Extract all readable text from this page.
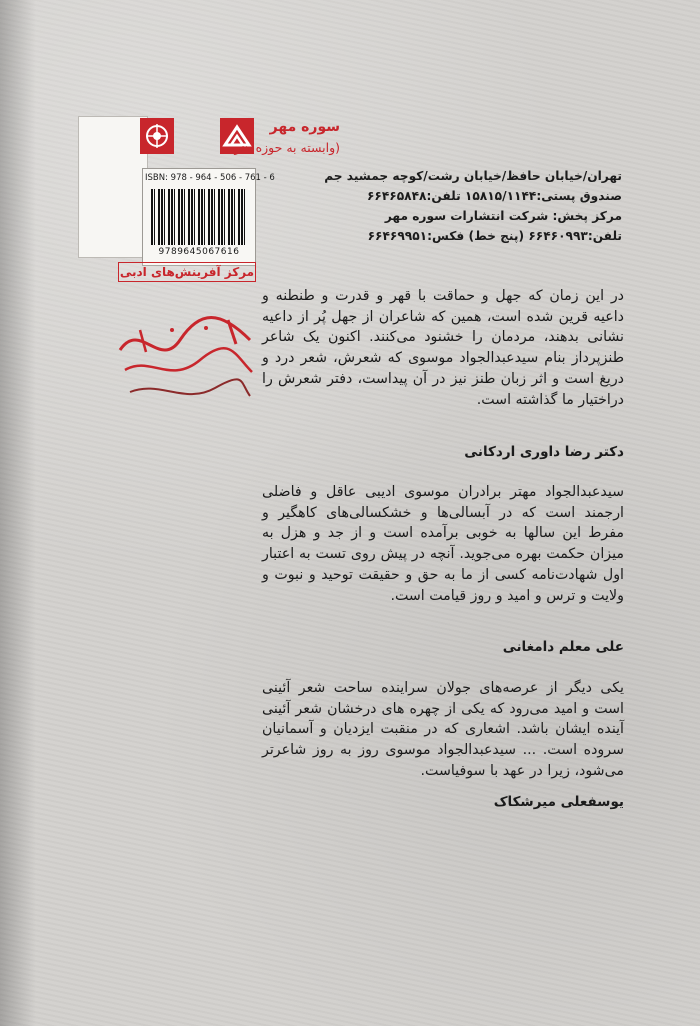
سوره مهر
(وابسته به حوزه هنری)
ISBN: 978 - 964 - 506 - 761 - 6
9789645067616
تهران/خیابان حافظ/خیابان رشت/کوچه جمشید جم
صندوق پستی:۱۵۸۱۵/۱۱۴۴ تلفن:۶۶۴۶۵۸۴۸
مرکز پخش: شرکت انتشارات سوره مهر
تلفن:۶۶۴۶۰۹۹۳ (پنج خط) فکس:۶۶۴۶۹۹۵۱
مرکز آفرینش‌های ادبی
در این زمان که جهل و حماقت با قهر و قدرت و طنطنه و داعیه قرین شده است، همین که شاعران از جهل پُر از داعیه نشانی بدهند، مردمان را خشنود می‌کنند. اکنون یک شاعر طنزپرداز بنام سیدعبدالجواد موسوی که شعرش، شعر درد و دریغ است و اثر زبان طنز نیز در آن پیداست، دفتر شعرش را دراختیار ما گذاشته است.
دکتر رضا داوری اردکانی
سیدعبدالجواد مهتر برادران موسوی ادیبی عاقل و فاضلی ارجمند است که در آبسالی‌ها و خشکسالی‌های کاهگیر و مفرط این سالها به خوبی برآمده است و از جد و هزل به میزان حکمت بهره می‌جوید. آنچه در پیش روی تست به اعتبار اول شهادت‌نامه کسی از ما به حق و حقیقت توحید و نبوت و ولایت و ترس و امید و روز قیامت است.
علی معلم دامغانی
یکی دیگر از عرصه‌های جولان سراینده ساحت شعر آئینی است و امید می‌رود که یکی از چهره های درخشان شعر آئینی آینده ایشان باشد. اشعاری که در منقبت ایزدیان و آسمانیان سروده است. ... سیدعبدالجواد موسوی روز به روز شاعرتر می‌شود، زیرا در عهد با سوفیاست.
یوسفعلی میرشکاک
